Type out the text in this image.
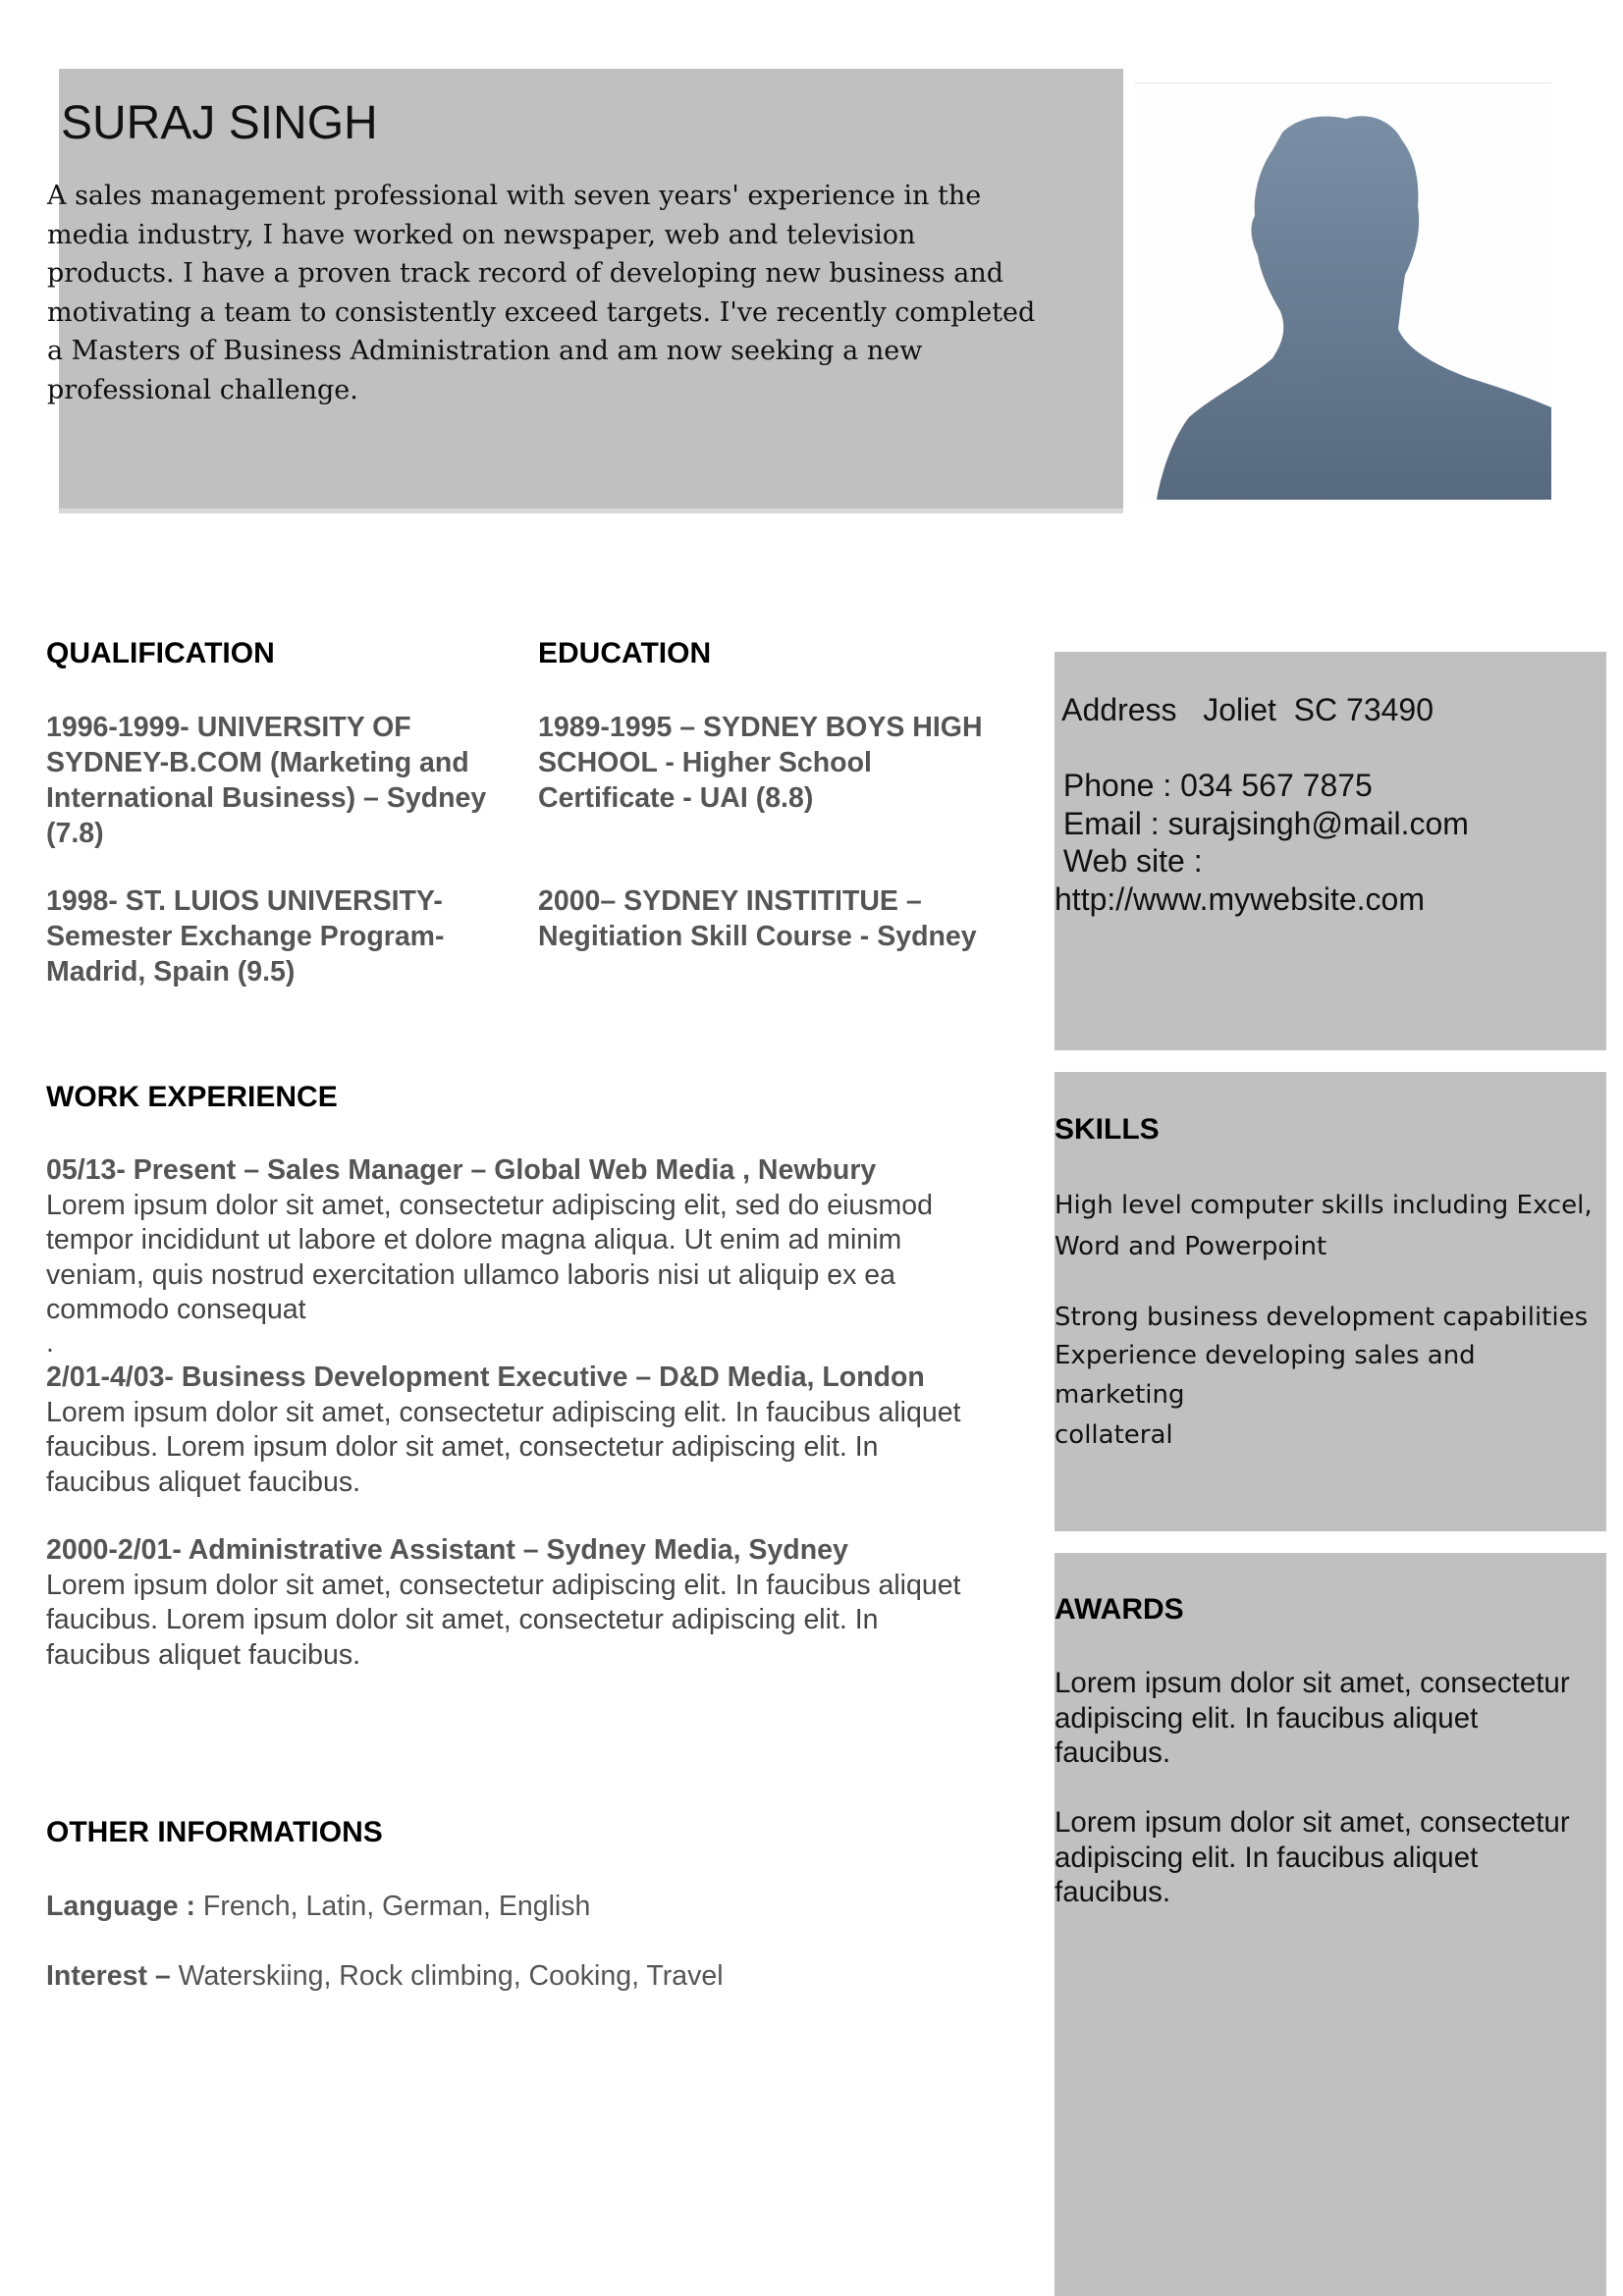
SURAJ SINGH
A sales management professional with seven years' experience in the
media industry, I have worked on newspaper, web and television
products. I have a proven track record of developing new business and
motivating a team to consistently exceed targets. I've recently completed
a Masters of Business Administration and am now seeking a new
professional challenge.
QUALIFICATION
1996-1999- UNIVERSITY OF
SYDNEY-B.COM (Marketing and
International Business) – Sydney
(7.8)
1998- ST. LUIOS UNIVERSITY-
Semester Exchange Program-
Madrid, Spain (9.5)
EDUCATION
1989-1995 – SYDNEY BOYS HIGH
SCHOOL - Higher School
Certificate - UAI (8.8)
2000– SYDNEY INSTITITUE –
Negitiation Skill Course - Sydney
WORK EXPERIENCE
05/13- Present – Sales Manager – Global Web Media , Newbury
Lorem ipsum dolor sit amet, consectetur adipiscing elit, sed do eiusmod
tempor incididunt ut labore et dolore magna aliqua. Ut enim ad minim
veniam, quis nostrud exercitation ullamco laboris nisi ut aliquip ex ea
commodo consequat
.
2/01-4/03- Business Development Executive – D&D Media, London
Lorem ipsum dolor sit amet, consectetur adipiscing elit. In faucibus aliquet
faucibus. Lorem ipsum dolor sit amet, consectetur adipiscing elit. In
faucibus aliquet faucibus.
2000-2/01- Administrative Assistant – Sydney Media, Sydney
Lorem ipsum dolor sit amet, consectetur adipiscing elit. In faucibus aliquet
faucibus. Lorem ipsum dolor sit amet, consectetur adipiscing elit. In
faucibus aliquet faucibus.
OTHER INFORMATIONS
Language : French, Latin, German, English
Interest – Waterskiing, Rock climbing, Cooking, Travel
Address   Joliet  SC 73490
Phone : 034 567 7875
Email : surajsingh@mail.com
Web site :
http://www.mywebsite.com
SKILLS
High level computer skills including Excel,
Word and Powerpoint
Strong business development capabilities
Experience developing sales and marketing
collateral
AWARDS
Lorem ipsum dolor sit amet, consectetur
adipiscing elit. In faucibus aliquet
faucibus.
Lorem ipsum dolor sit amet, consectetur
adipiscing elit. In faucibus aliquet
faucibus.
